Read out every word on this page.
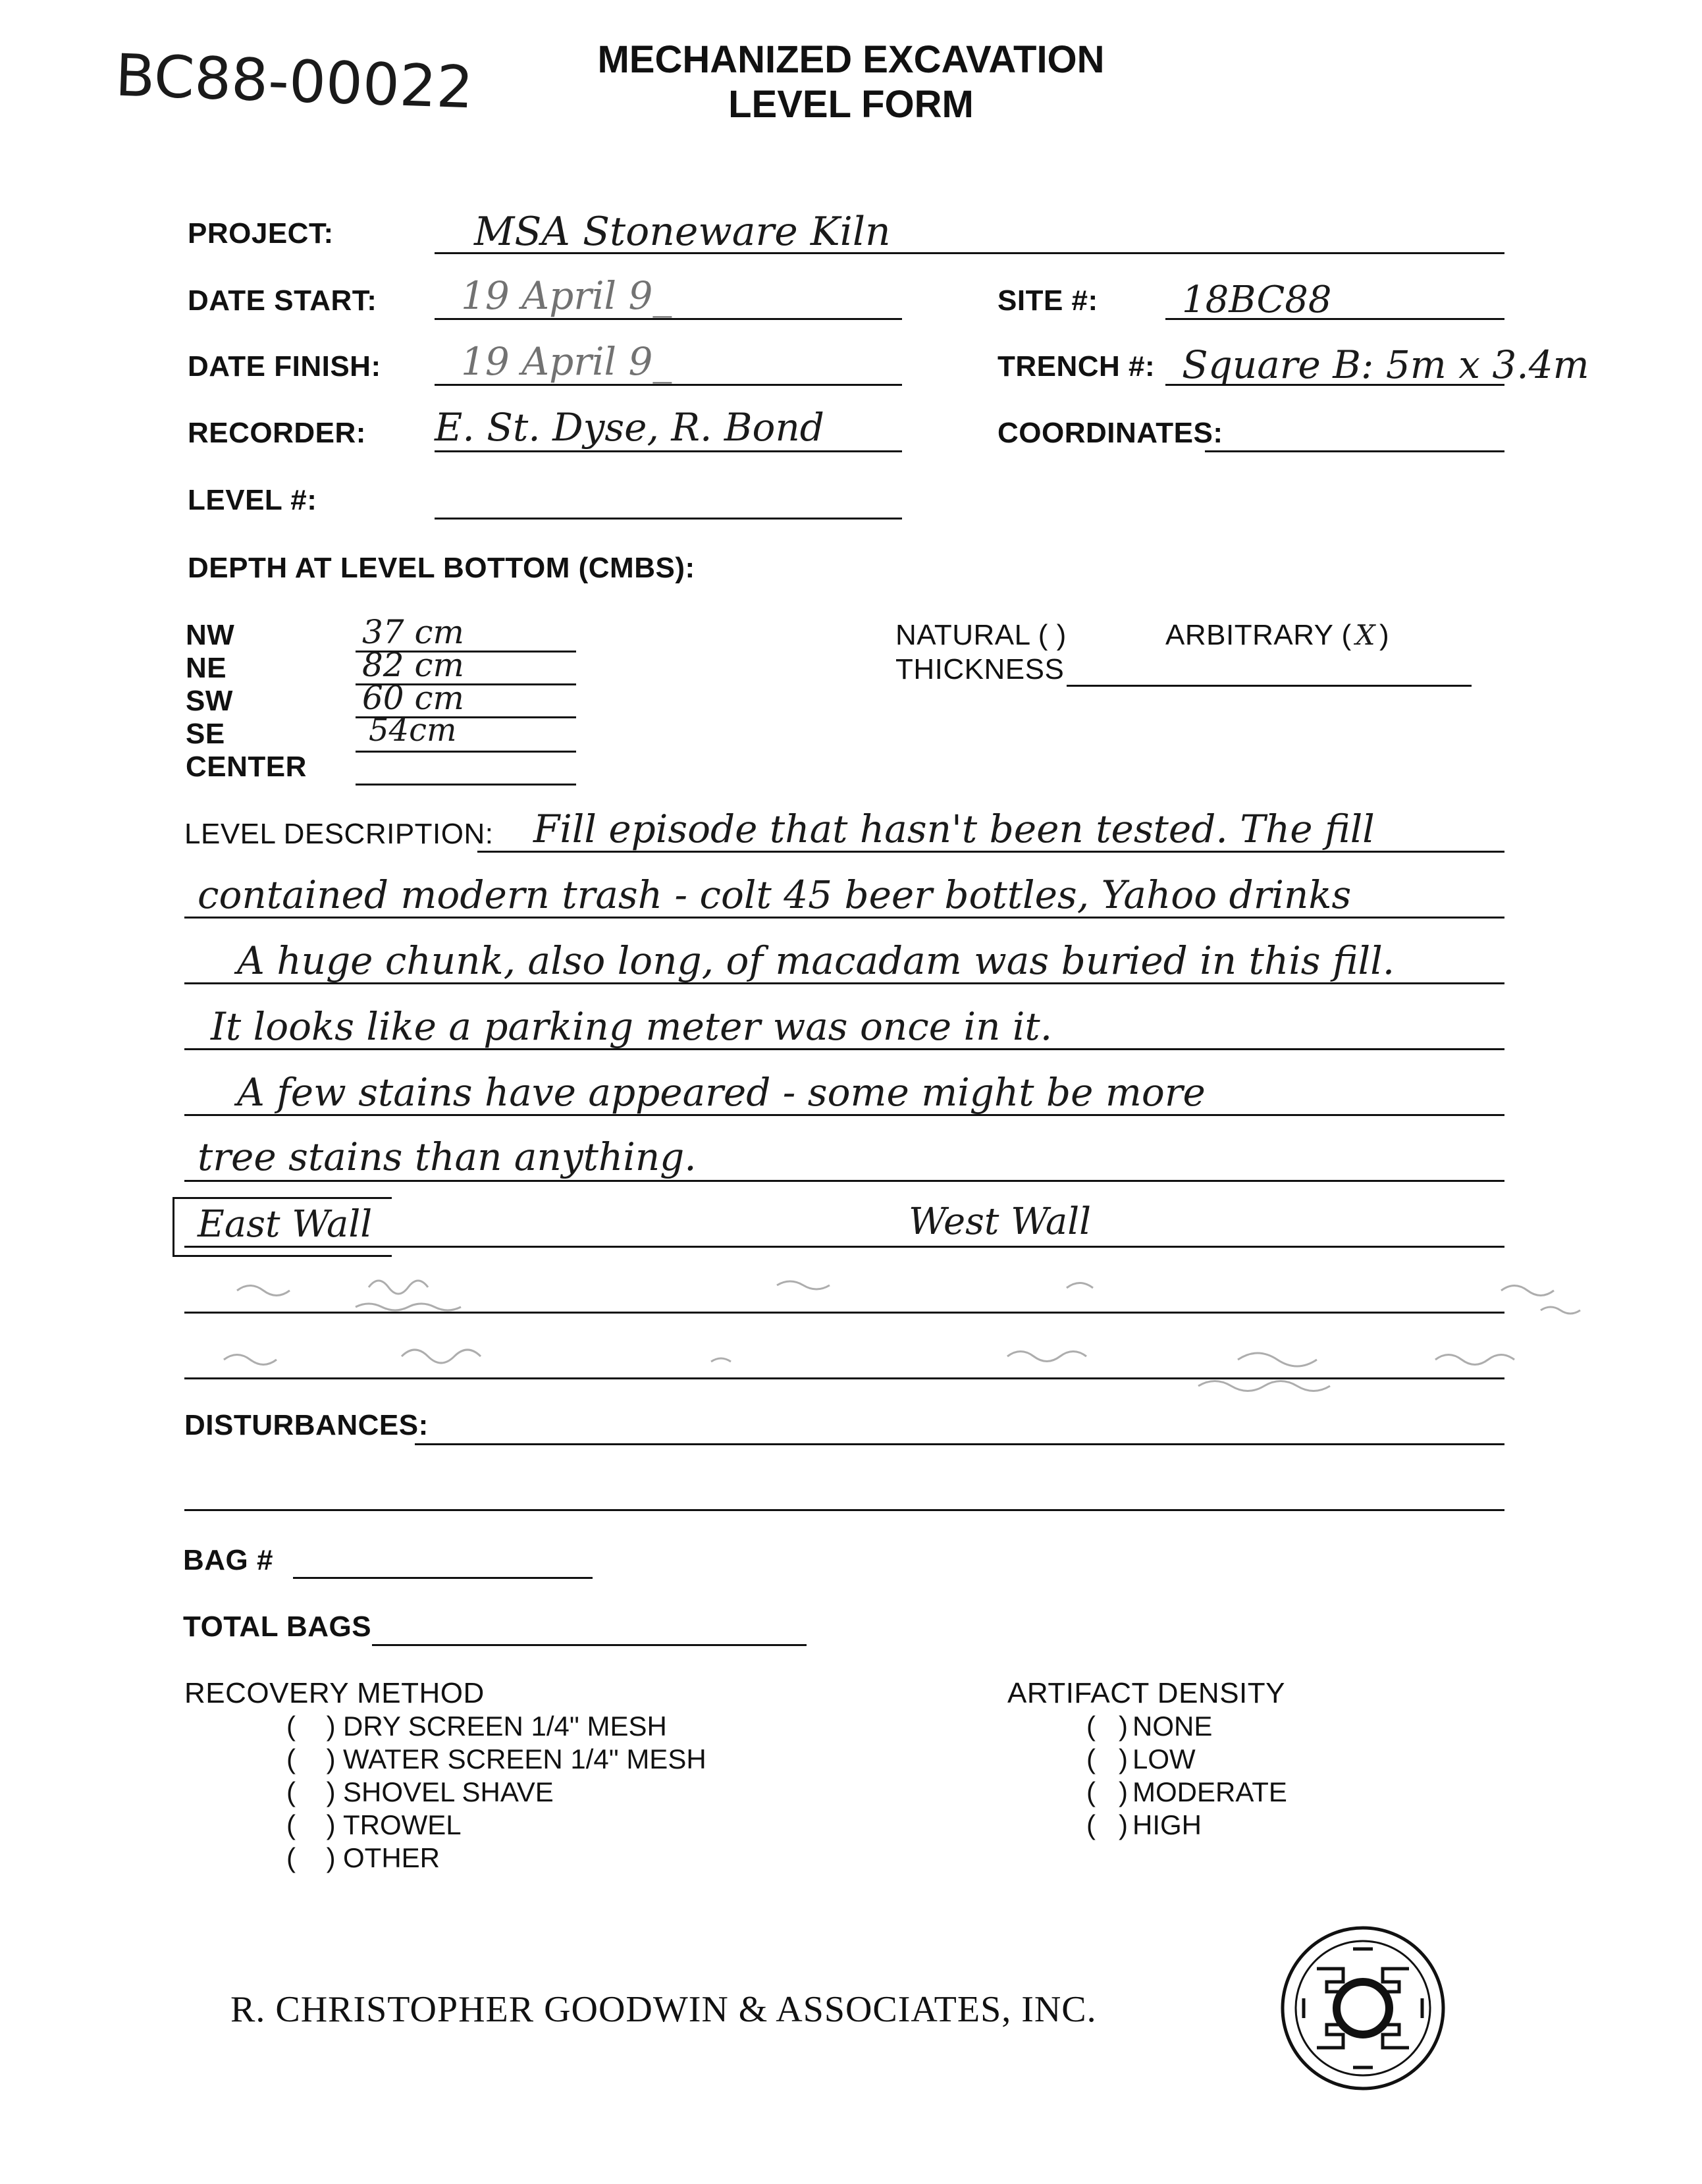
BC88-00022	MECHANIZED EXCAVATION
LEVEL FORM
PROJECT:	MSA Stoneware Kiln
DATE START: 19 April 9_	SITE #: 18BC88
DATE FINISH: 19 April 9_	TRENCH #: Square B: 5m x 3.4m
RECORDER: E. St. Dyse, R. Bond	COORDINATES:
LEVEL #:
DEPTH AT LEVEL BOTTOM (CMBS):
NW	37 cm
NE	82 cm
SW	60 cm
SE	54cm
CENTER
NATURAL ( )	ARBITRARY ( X )
THICKNESS
LEVEL DESCRIPTION: Fill episode that hasn't been tested. The fill
contained modern trash - colt 45 beer bottles, Yahoo drinks
A huge chunk, also long, of macadam was buried in this fill.
It looks like a parking meter was once in it.
A few stains have appeared - some might be more
tree stains than anything.
East Wall	West Wall
DISTURBANCES:
BAG #
TOTAL BAGS
RECOVERY METHOD
(    ) DRY SCREEN 1/4" MESH
(    ) WATER SCREEN 1/4" MESH
(    ) SHOVEL SHAVE
(    ) TROWEL
(    ) OTHER
ARTIFACT DENSITY
(   ) NONE
(   ) LOW
(   ) MODERATE
(   ) HIGH
R. CHRISTOPHER GOODWIN & ASSOCIATES, INC.
